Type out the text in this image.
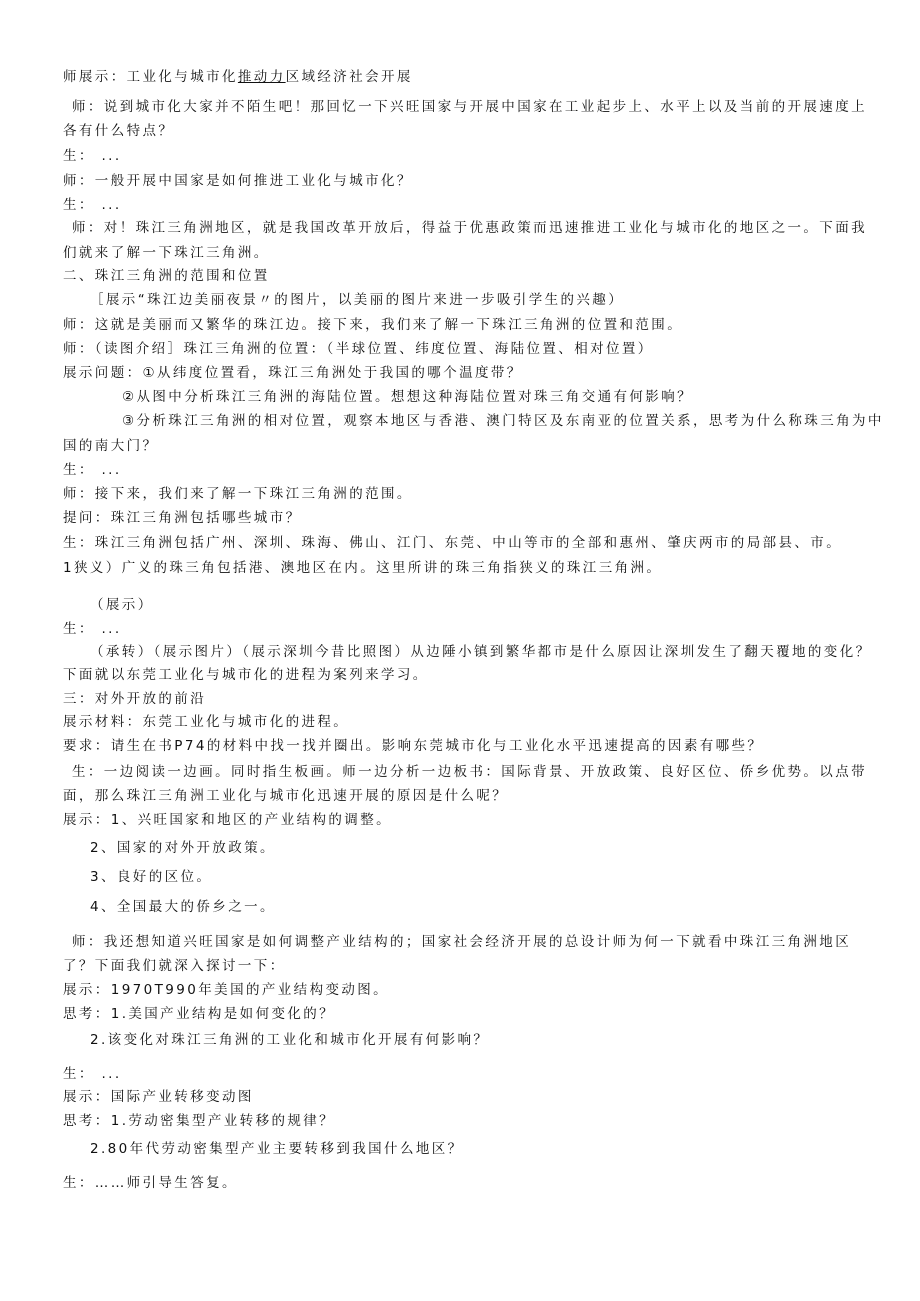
师展示：工业化与城市化推动力区域经济社会开展
师：说到城市化大家并不陌生吧！那回忆一下兴旺国家与开展中国家在工业起步上、水平上以及当前的开展速度上
各有什么特点？
生： ...
师：一般开展中国家是如何推进工业化与城市化？
生： ...
师：对！珠江三角洲地区，就是我国改革开放后，得益于优惠政策而迅速推进工业化与城市化的地区之一。下面我
们就来了解一下珠江三角洲。
二、珠江三角洲的范围和位置
［展示“珠江边美丽夜景〃的图片，以美丽的图片来进一步吸引学生的兴趣）
师：这就是美丽而又繁华的珠江边。接下来，我们来了解一下珠江三角洲的位置和范围。
师：（读图介绍］珠江三角洲的位置：（半球位置、纬度位置、海陆位置、相对位置）
展示问题：①从纬度位置看，珠江三角洲处于我国的哪个温度带？
②从图中分析珠江三角洲的海陆位置。想想这种海陆位置对珠三角交通有何影响？
③分析珠江三角洲的相对位置，观察本地区与香港、澳门特区及东南亚的位置关系，思考为什么称珠三角为中
国的南大门？
生： ...
师：接下来，我们来了解一下珠江三角洲的范围。
提问：珠江三角洲包括哪些城市？
生：珠江三角洲包括广州、深圳、珠海、佛山、江门、东莞、中山等市的全部和惠州、肇庆两市的局部县、市。
1狭义）广义的珠三角包括港、澳地区在内。这里所讲的珠三角指狭义的珠江三角洲。
（展示）
生： ...
（承转）（展示图片）（展示深圳今昔比照图）从边陲小镇到繁华都市是什么原因让深圳发生了翻天覆地的变化？
下面就以东莞工业化与城市化的进程为案列来学习。
三：对外开放的前沿
展示材料：东莞工业化与城市化的进程。
要求：请生在书P74的材料中找一找并圈出。影响东莞城市化与工业化水平迅速提高的因素有哪些？
生：一边阅读一边画。同时指生板画。师一边分析一边板书：国际背景、开放政策、良好区位、侨乡优势。以点带
面，那么珠江三角洲工业化与城市化迅速开展的原因是什么呢？
展示：1、兴旺国家和地区的产业结构的调整。
2、国家的对外开放政策。
3、良好的区位。
4、全国最大的侨乡之一。
师：我还想知道兴旺国家是如何调整产业结构的；国家社会经济开展的总设计师为何一下就看中珠江三角洲地区
了？下面我们就深入探讨一下：
展示：1970T990年美国的产业结构变动图。
思考：1.美国产业结构是如何变化的？
2.该变化对珠江三角洲的工业化和城市化开展有何影响？
生： ...
展示：国际产业转移变动图
思考：1.劳动密集型产业转移的规律？
2.80年代劳动密集型产业主要转移到我国什么地区？
生：……师引导生答复。
